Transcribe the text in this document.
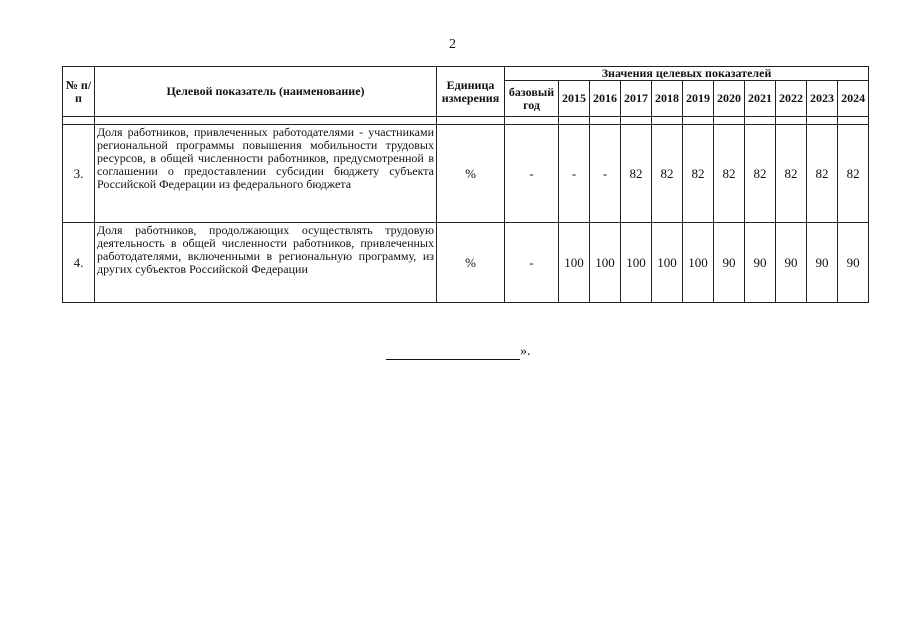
2
№ п/п	Целевой показатель (наименование)	Единица измерения	Значения целевых показателей										
			базовый год	2015	2016	2017	2018	2019	2020	2021	2022	2023	2024

3.	Доля работников, привлеченных работодателями - участниками региональной программы повышения мобильности трудовых ресурсов, в общей численности работников, предусмотренной в соглашении о предоставлении субсидии бюджету субъекта Российской Федерации из федерального бюджета	%	-	-	-	82	82	82	82	82	82	82	82
4.	Доля работников, продолжающих осуществлять трудовую деятельность в общей численности работников, привлеченных работодателями, включенными в региональную программу, из других субъектов Российской Федерации	%	-	100	100	100	100	100	90	90	90	90	90
».
